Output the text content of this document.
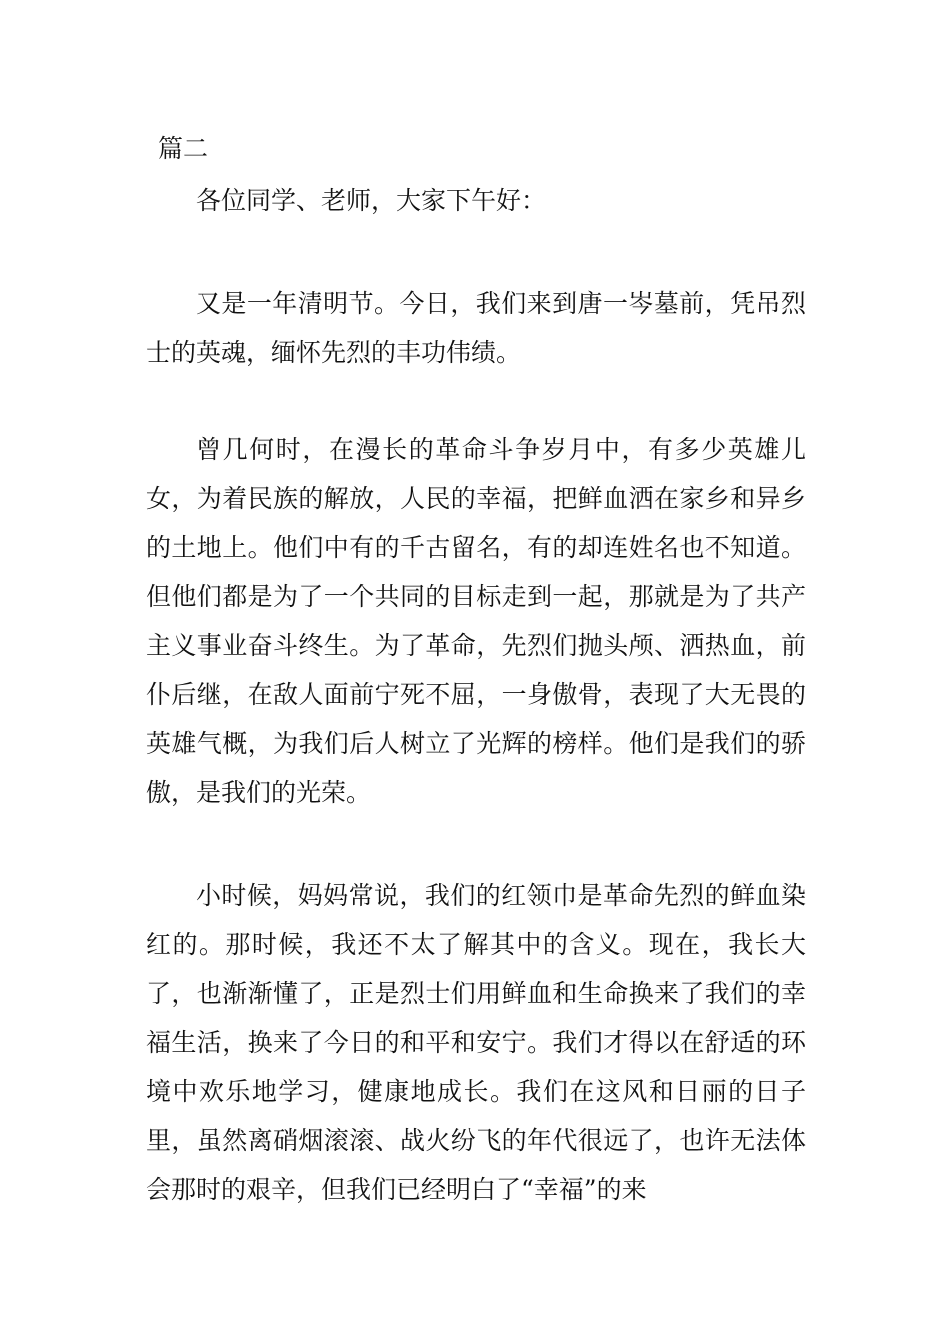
篇二

各位同学、老师，大家下午好：

又是一年清明节。今日，我们来到唐一岑墓前，凭吊烈士的英魂，缅怀先烈的丰功伟绩。

曾几何时，在漫长的革命斗争岁月中，有多少英雄儿女，为着民族的解放，人民的幸福，把鲜血洒在家乡和异乡的土地上。他们中有的千古留名，有的却连姓名也不知道。但他们都是为了一个共同的目标走到一起，那就是为了共产主义事业奋斗终生。为了革命，先烈们抛头颅、洒热血，前仆后继，在敌人面前宁死不屈，一身傲骨，表现了大无畏的英雄气概，为我们后人树立了光辉的榜样。他们是我们的骄傲，是我们的光荣。

小时候，妈妈常说，我们的红领巾是革命先烈的鲜血染红的。那时候，我还不太了解其中的含义。现在，我长大了，也渐渐懂了，正是烈士们用鲜血和生命换来了我们的幸福生活，换来了今日的和平和安宁。我们才得以在舒适的环境中欢乐地学习，健康地成长。我们在这风和日丽的日子里，虽然离硝烟滚滚、战火纷飞的年代很远了，也许无法体会那时的艰辛，但我们已经明白了“幸福”的来
